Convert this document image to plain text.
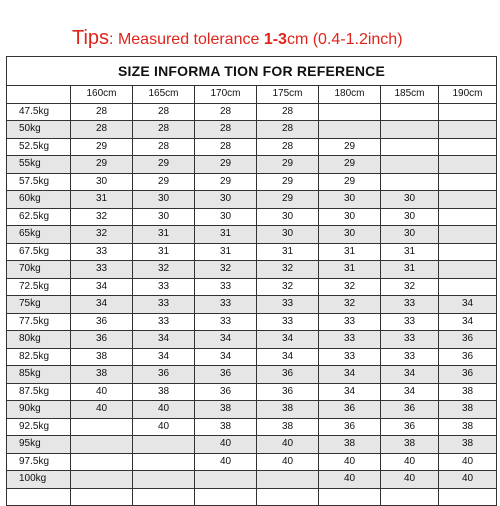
Tips: Measured tolerance 1-3cm (0.4-1.2inch)
SIZE INFORMA TION FOR REFERENCE							
	160cm	165cm	170cm	175cm	180cm	185cm	190cm
47.5kg	28	28	28	28			
50kg	28	28	28	28			
52.5kg	29	28	28	28	29		
55kg	29	29	29	29	29		
57.5kg	30	29	29	29	29		
60kg	31	30	30	29	30	30	
62.5kg	32	30	30	30	30	30	
65kg	32	31	31	30	30	30	
67.5kg	33	31	31	31	31	31	
70kg	33	32	32	32	31	31	
72.5kg	34	33	33	32	32	32	
75kg	34	33	33	33	32	33	34
77.5kg	36	33	33	33	33	33	34
80kg	36	34	34	34	33	33	36
82.5kg	38	34	34	34	33	33	36
85kg	38	36	36	36	34	34	36
87.5kg	40	38	36	36	34	34	38
90kg	40	40	38	38	36	36	38
92.5kg		40	38	38	36	36	38
95kg			40	40	38	38	38
97.5kg			40	40	40	40	40
100kg					40	40	40
